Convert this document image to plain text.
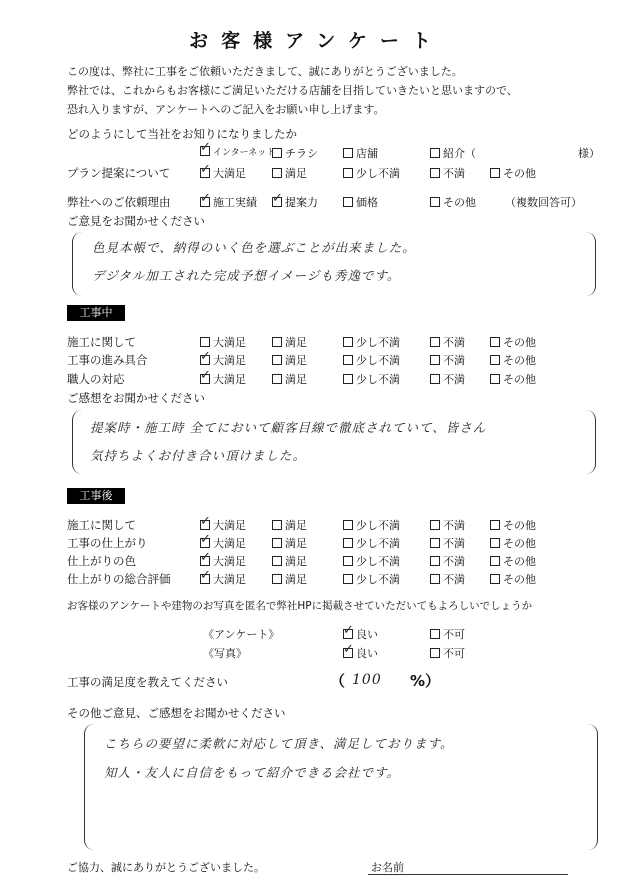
お客様アンケート
この度は、弊社に工事をご依頼いただきまして、誠にありがとうございました。
弊社では、これからもお客様にご満足いただける店舗を目指していきたいと思いますので、
恐れ入りますが、アンケートへのご記入をお願い申し上げます。
どのようにして当社をお知りになりましたか
✓インターネット チラシ	店舗	紹介（	様）
プラン提案について ✓	大満足	満足	少し不満	不満	その他
弊社へのご依頼理由 ✓	施工実績 ✓	提案力	価格	その他	（複数回答可）
ご意見をお聞かせください
色見本帳で、納得のいく色を選ぶことが出来ました。
デジタル加工された完成予想イメージも秀逸です。
工事中
施工に関して	大満足	満足	少し不満	不満	その他
工事の進み具合 ✓	大満足	満足	少し不満	不満	その他
職人の対応 ✓	大満足	満足	少し不満	不満	その他
ご感想をお聞かせください
提案時・施工時 全てにおいて顧客目線で徹底されていて、皆さん
気持ちよくお付き合い頂けました。
工事後
施工に関して ✓	大満足	満足	少し不満	不満	その他
工事の仕上がり ✓	大満足	満足	少し不満	不満	その他
仕上がりの色 ✓	大満足	満足	少し不満	不満	その他
仕上がりの総合評価 ✓	大満足	満足	少し不満	不満	その他
お客様のアンケートや建物のお写真を匿名で弊社HPに掲載させていただいてもよろしいでしょうか
《アンケート》 ✓	良い	不可
《写真》 ✓	良い	不可
工事の満足度を教えてください	（ 100 %）
その他ご意見、ご感想をお聞かせください
こちらの要望に柔軟に対応して頂き、満足しております。
知人・友人に自信をもって紹介できる会社です。
ご協力、誠にありがとうございました。	お名前
